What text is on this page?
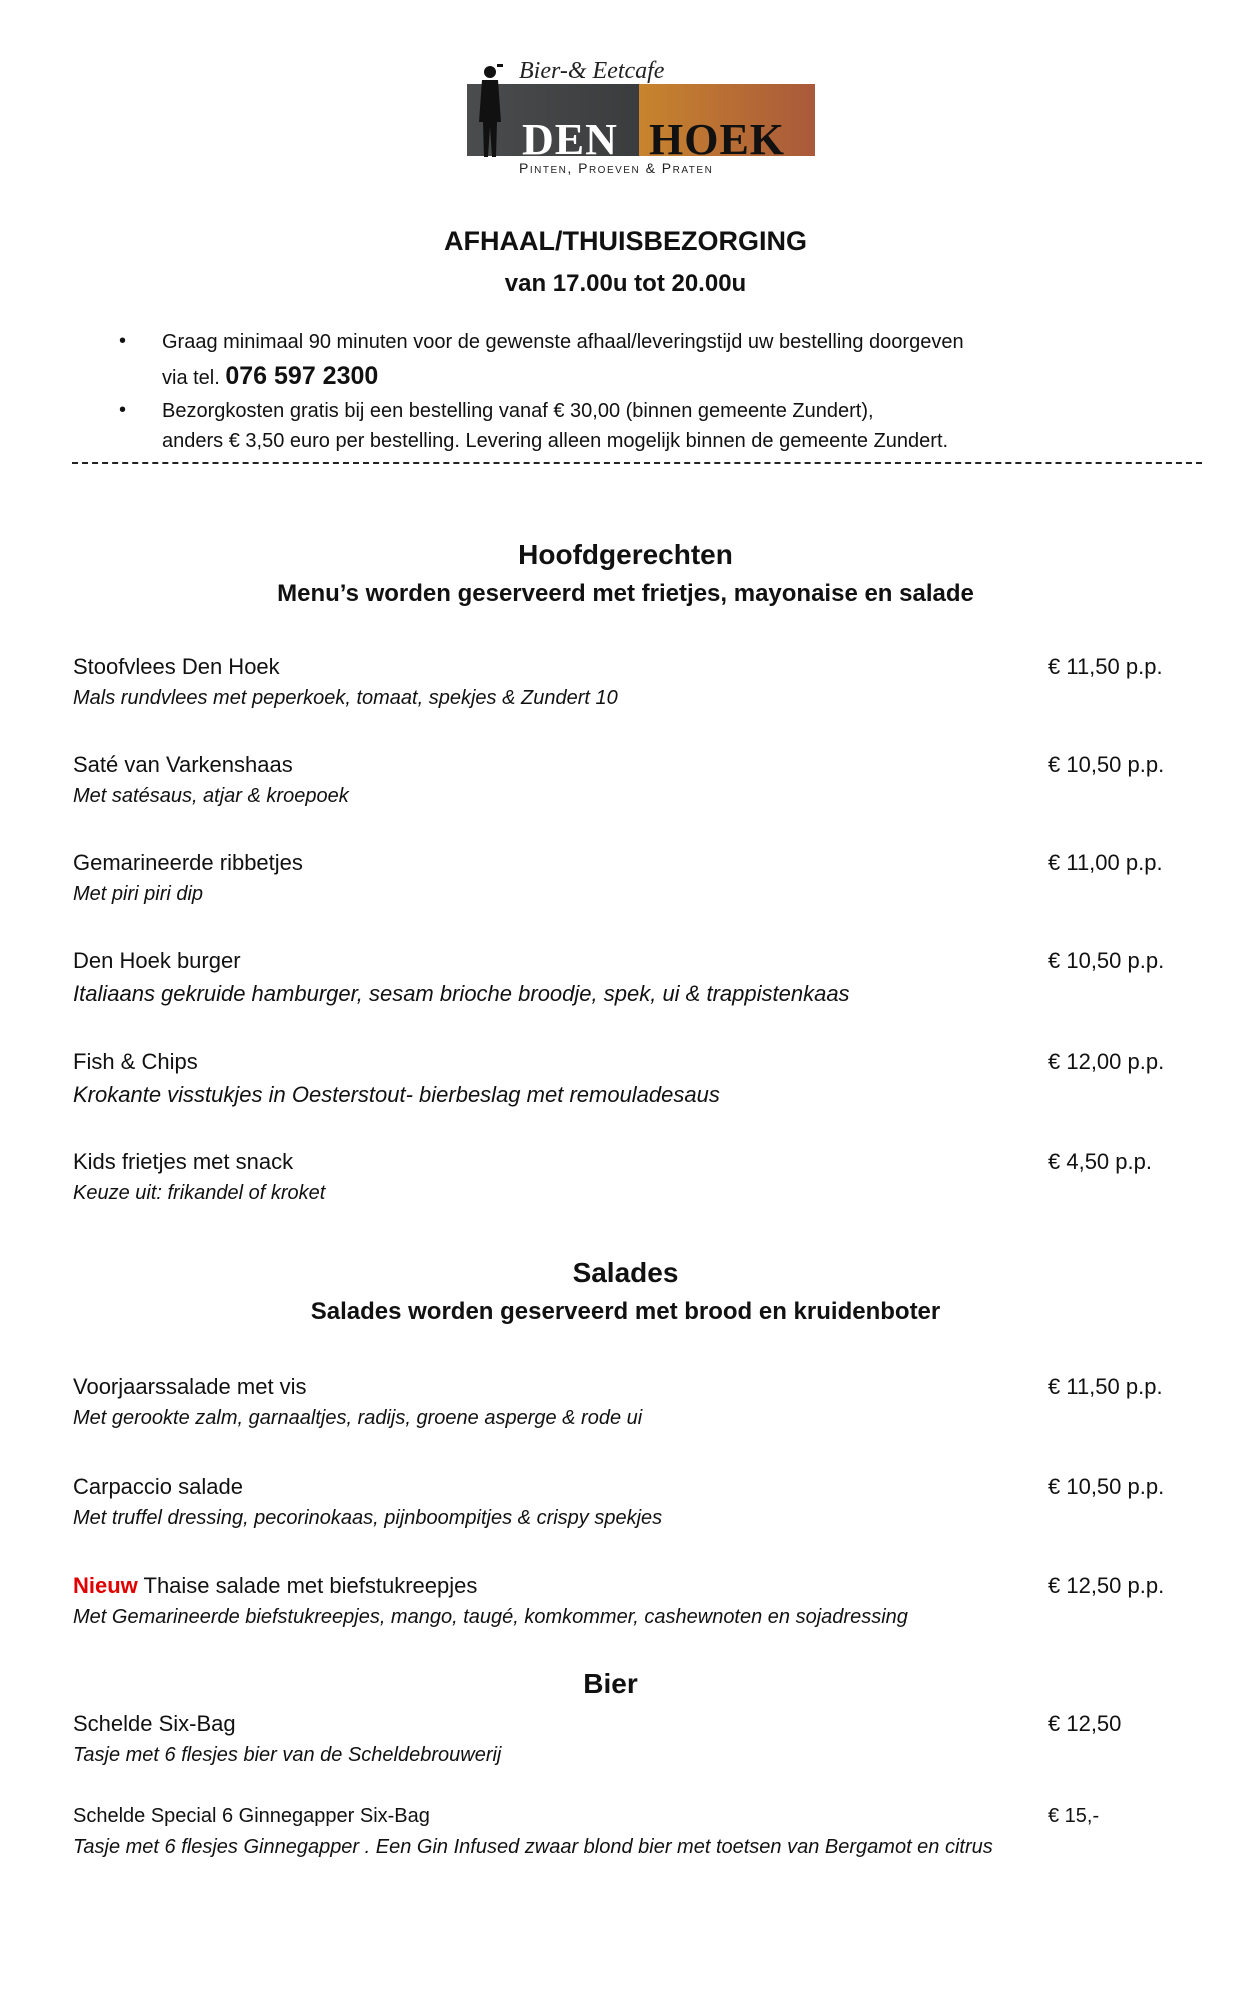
DEN HOEK
Bier-& Eetcafe
Pinten, Proeven & Praten
AFHAAL/THUISBEZORGING
van 17.00u tot 20.00u
• Graag minimaal 90 minuten voor de gewenste afhaal/leveringstijd uw bestelling doorgeven
via tel. 076 597 2300
• Bezorgkosten gratis bij een bestelling vanaf € 30,00 (binnen gemeente Zundert),
anders € 3,50 euro per bestelling. Levering alleen mogelijk binnen de gemeente Zundert.
Hoofdgerechten
Menu’s worden geserveerd met frietjes, mayonaise en salade
Stoofvlees Den Hoek	€ 11,50 p.p.
Mals rundvlees met peperkoek, tomaat, spekjes & Zundert 10
Saté van Varkenshaas	€ 10,50 p.p.
Met satésaus, atjar & kroepoek
Gemarineerde ribbetjes	€ 11,00 p.p.
Met piri piri dip
Den Hoek burger	€ 10,50 p.p.
Italiaans gekruide hamburger, sesam brioche broodje, spek, ui & trappistenkaas
Fish & Chips	€ 12,00 p.p.
Krokante visstukjes in Oesterstout- bierbeslag met remouladesaus
Kids frietjes met snack	€ 4,50 p.p.
Keuze uit: frikandel of kroket
Salades
Salades worden geserveerd met brood en kruidenboter
Voorjaarssalade met vis	€ 11,50 p.p.
Met gerookte zalm, garnaaltjes, radijs, groene asperge & rode ui
Carpaccio salade	€ 10,50 p.p.
Met truffel dressing, pecorinokaas, pijnboompitjes & crispy spekjes
Nieuw Thaise salade met biefstukreepjes	€ 12,50 p.p.
Met Gemarineerde biefstukreepjes, mango, taugé, komkommer, cashewnoten en sojadressing
Bier
Schelde Six-Bag	€ 12,50
Tasje met 6 flesjes bier van de Scheldebrouwerij
Schelde Special 6 Ginnegapper Six-Bag	€ 15,-
Tasje met 6 flesjes Ginnegapper . Een Gin Infused zwaar blond bier met toetsen van Bergamot en citrus
